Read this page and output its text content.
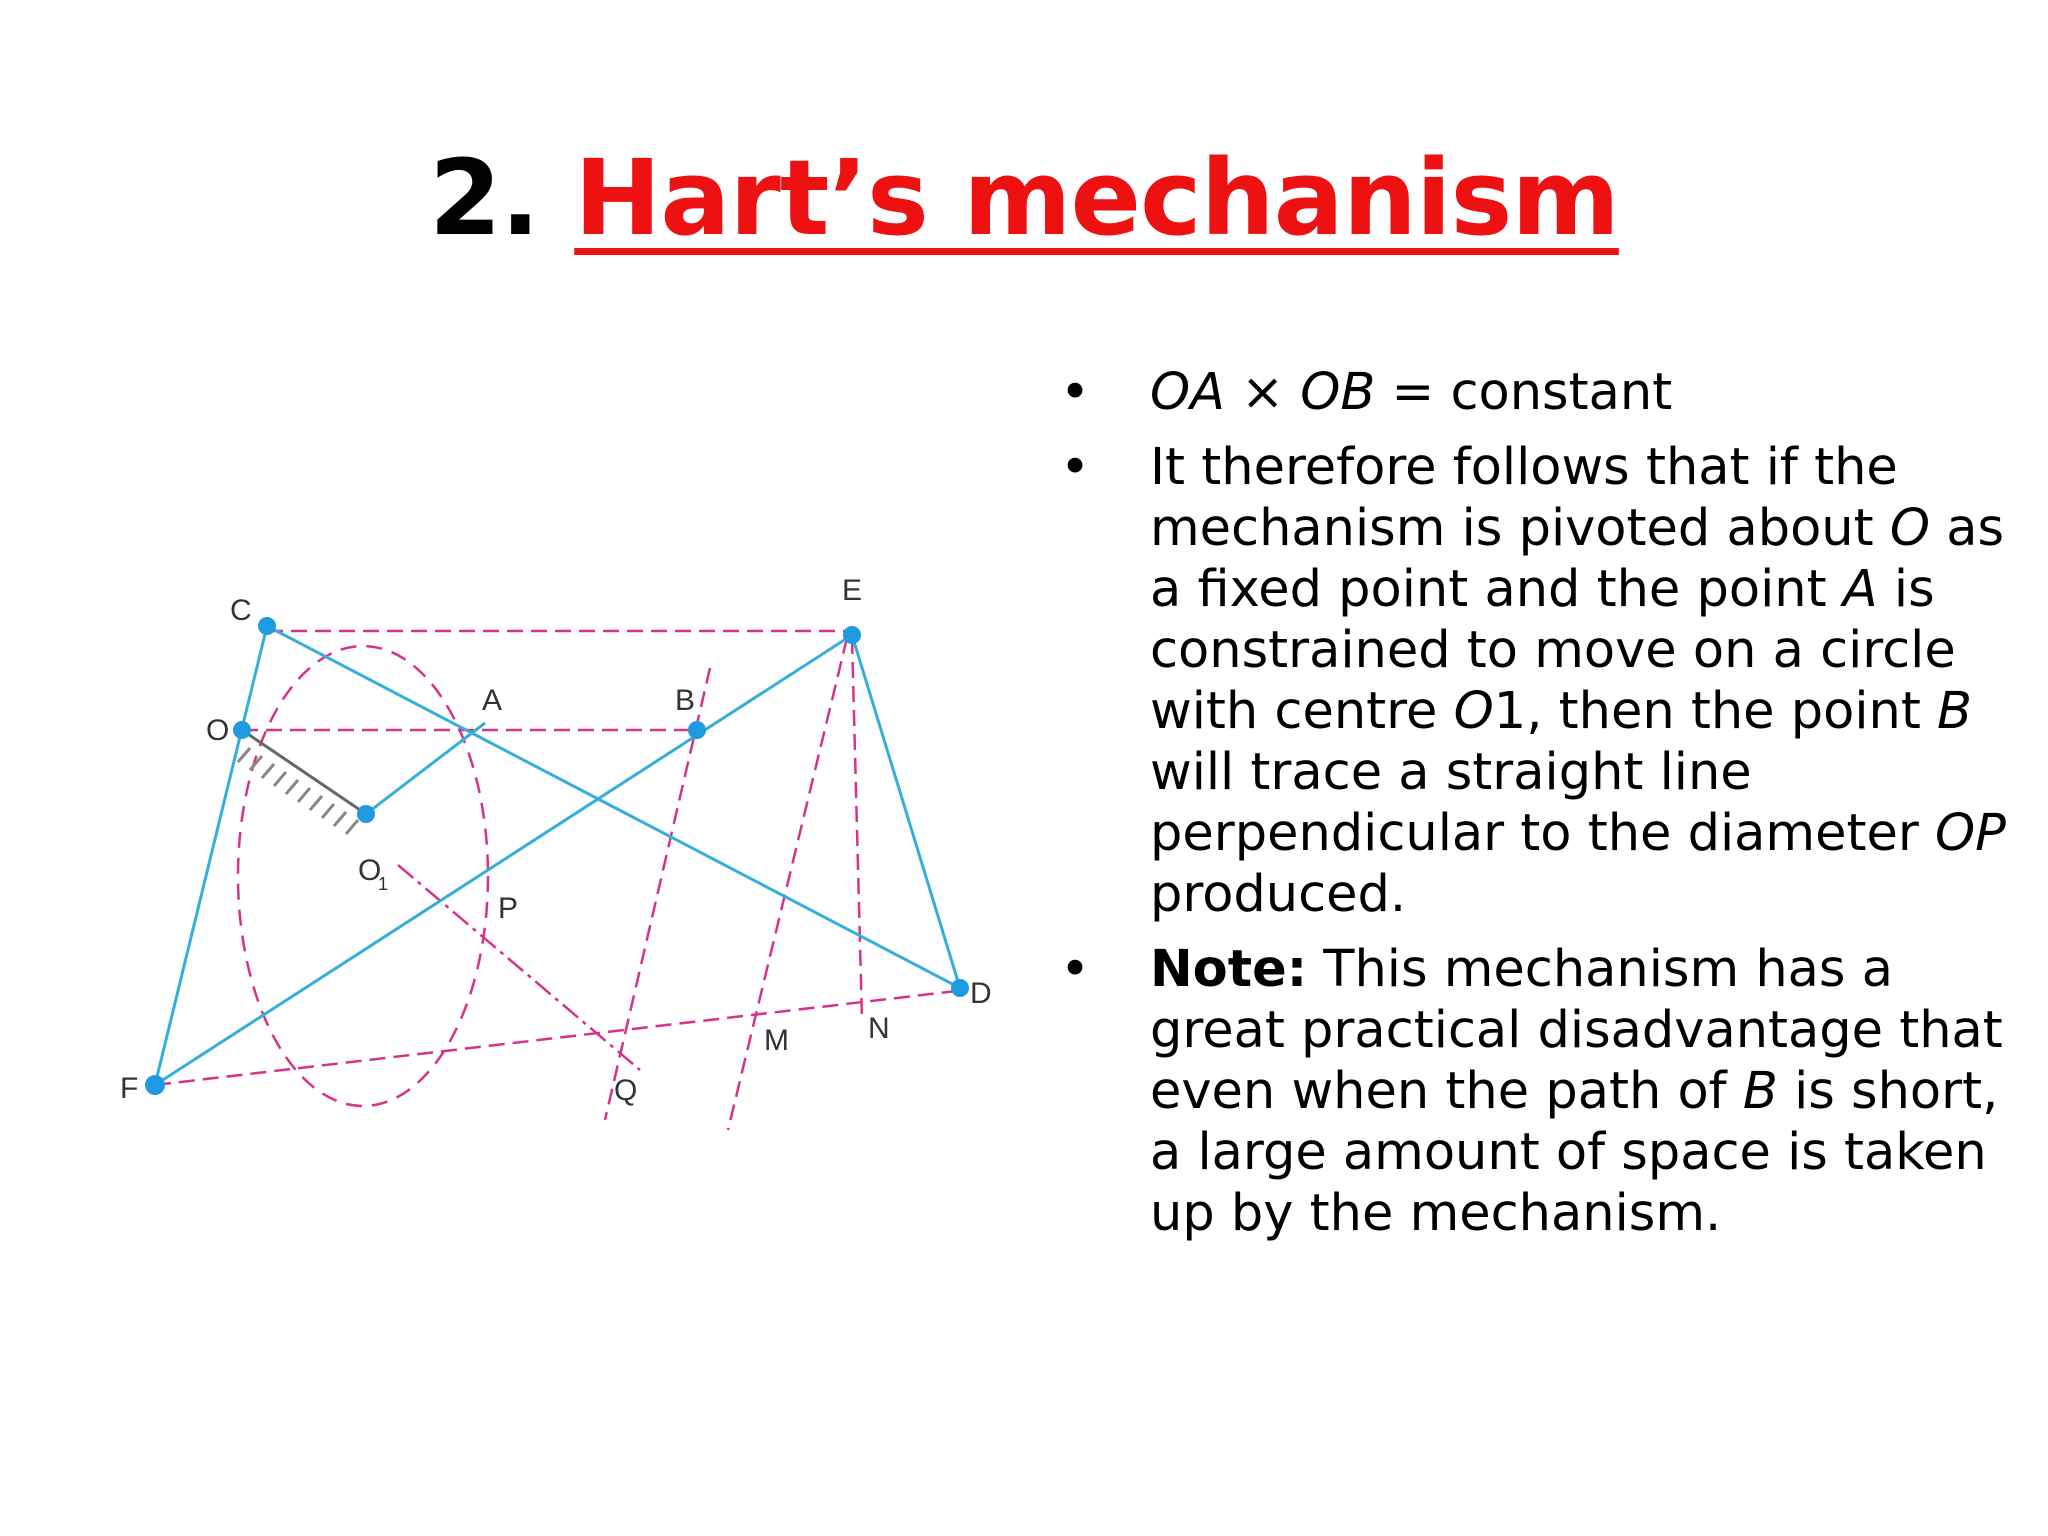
2. Hart’s mechanism
C
E
O
A	B
O
1
P
D
N
M
F	Q
• OA × OB = constant
• It therefore follows that if the mechanism is pivoted about O as a fixed point and the point A is constrained to move on a circle with centre O1, then the point B will trace a straight line perpendicular to the diameter OP produced.
• Note: This mechanism has a great practical disadvantage that even when the path of B is short, a large amount of space is taken up by the mechanism.
